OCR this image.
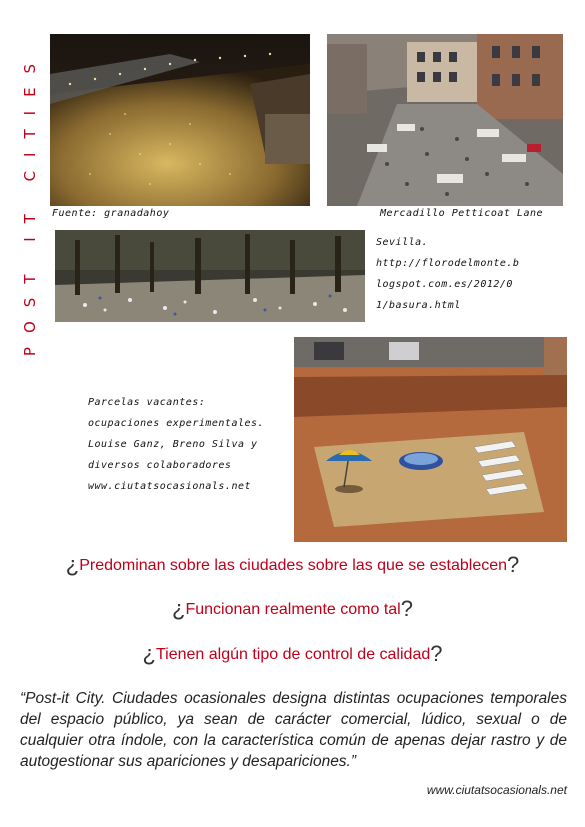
POST IT CITIES Fuente: granadahoy	Mercadillo Petticoat Lane
Sevilla.
http://florodelmonte.b
logspot.com.es/2012/0
1/basura.html
Parcelas vacantes:
ocupaciones experimentales.
Louise Ganz, Breno Silva y
diversos colaboradores
www.ciutatsocasionals.net
¿Predominan sobre las ciudades sobre las que se establecen?
¿Funcionan realmente como tal?
¿Tienen algún tipo de control de calidad?
“Post-it City. Ciudades ocasionales designa distintas ocupaciones temporales del espacio público, ya sean de carácter comercial, lúdico, sexual o de cualquier otra índole, con la característica común de apenas dejar rastro y de autogestionar sus apariciones y desapariciones.”
www.ciutatsocasionals.net
